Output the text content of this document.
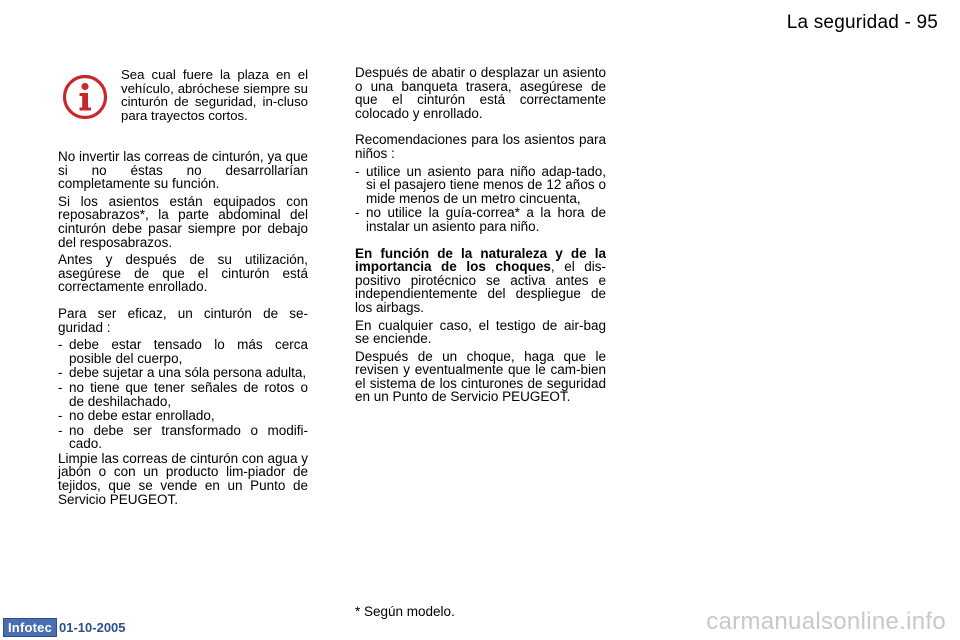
La seguridad - 95
Sea cual fuere la plaza en el vehículo, abróchese siempre su cinturón de seguridad, in-cluso para trayectos cortos.

No invertir las correas de cinturón, ya que si no éstas no desarrollarían completamente su función.

Si los asientos están equipados con reposabrazos*, la parte abdominal del cinturón debe pasar siempre por debajo del resposabrazos.

Antes y después de su utilización, asegúrese de que el cinturón está correctamente enrollado.

Para ser eficaz, un cinturón de se-guridad :

- debe estar tensado lo más cerca posible del cuerpo,
- debe sujetar a una sóla persona adulta,
- no tiene que tener señales de rotos o de deshilachado,
- no debe estar enrollado,
- no debe ser transformado o modifi-cado.

Limpie las correas de cinturón con agua y jabón o con un producto lim-piador de tejidos, que se vende en un Punto de Servicio PEUGEOT.

Después de abatir o desplazar un asiento o una banqueta trasera, asegúrese de que el cinturón está correctamente colocado y enrollado.

Recomendaciones para los asientos para niños :

- utilice un asiento para niño adap-tado, si el pasajero tiene menos de 12 años o mide menos de un metro cincuenta,
- no utilice la guía-correa* a la hora de instalar un asiento para niño.

En función de la naturaleza y de la importancia de los choques, el dis-positivo pirotécnico se activa antes e independientemente del despliegue de los airbags.

En cualquier caso, el testigo de air-bag se enciende.

Después de un choque, haga que le revisen y eventualmente que le cam-bien el sistema de los cinturones de seguridad en un Punto de Servicio PEUGEOT.

* Según modelo.
Infotec 01-10-2005	carmanualsonline.info
